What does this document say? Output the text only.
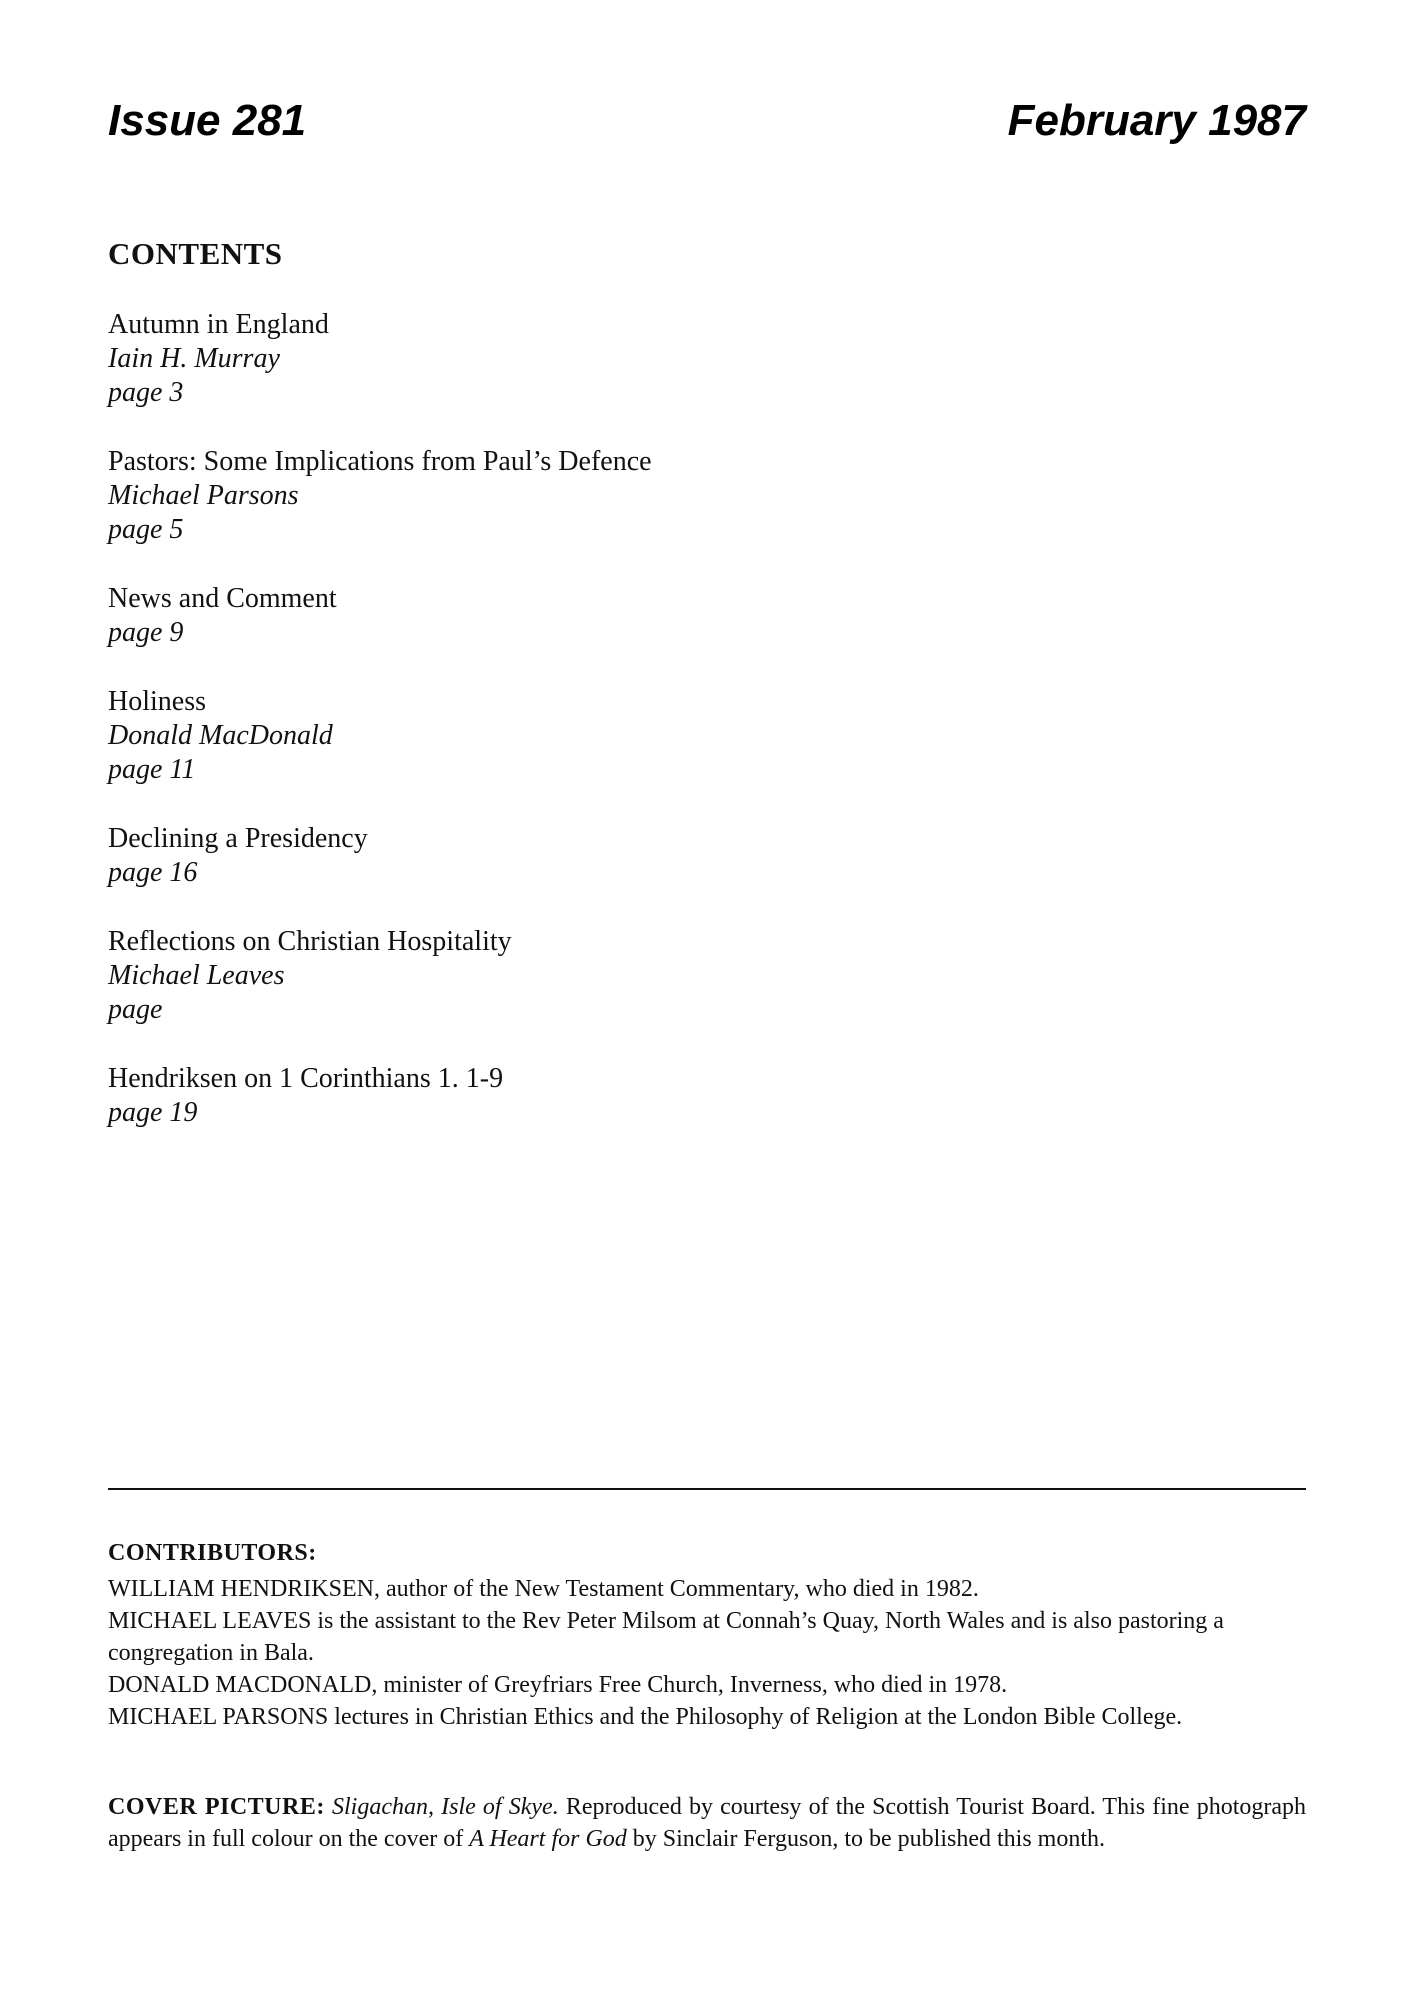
Issue 281	February 1987
CONTENTS
Autumn in England
Iain H. Murray
page 3
Pastors: Some Implications from Paul’s Defence
Michael Parsons
page 5
News and Comment
page 9
Holiness
Donald MacDonald
page 11
Declining a Presidency
page 16
Reflections on Christian Hospitality
Michael Leaves
page
Hendriksen on 1 Corinthians 1. 1-9
page 19
CONTRIBUTORS:

WILLIAM HENDRIKSEN, author of the New Testament Commentary, who died in 1982.

MICHAEL LEAVES is the assistant to the Rev Peter Milsom at Connah’s Quay, North Wales and is also pastoring a congregation in Bala.

DONALD MACDONALD, minister of Greyfriars Free Church, Inverness, who died in 1978.

MICHAEL PARSONS lectures in Christian Ethics and the Philosophy of Religion at the London Bible College.

COVER PICTURE: Sligachan, Isle of Skye. Reproduced by courtesy of the Scottish Tourist Board. This fine photograph appears in full colour on the cover of A Heart for God by Sinclair Ferguson, to be published this month.
